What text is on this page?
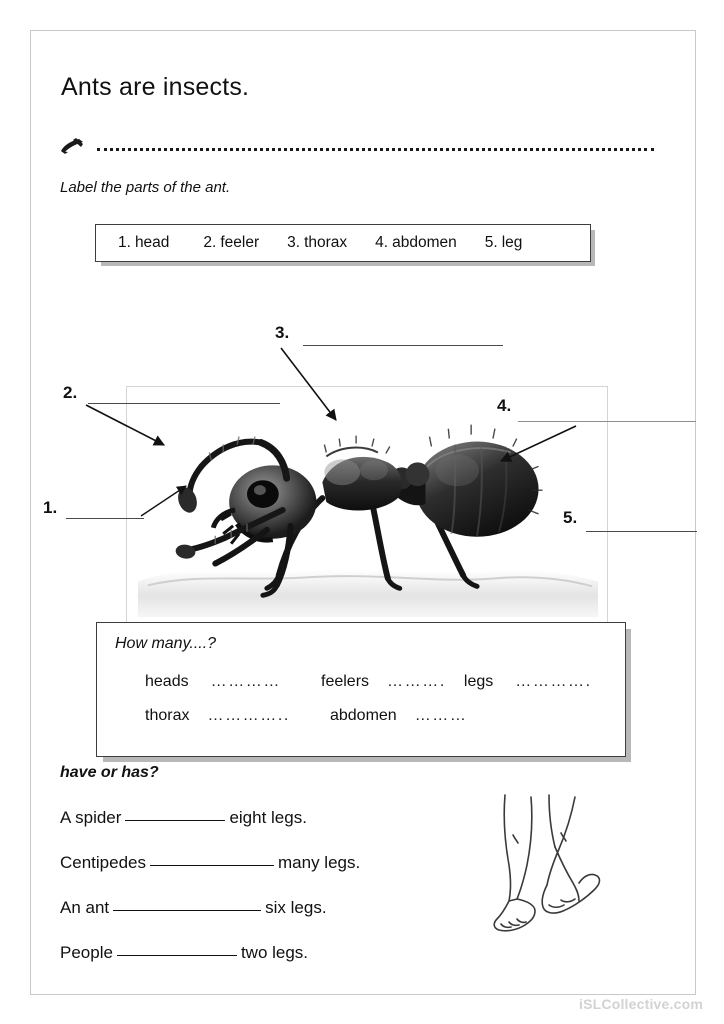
Ants are insects.
Label the parts of the ant.
1. head 2. feeler 3. thorax 4. abdomen 5. leg
3.
2.
1.
4.
5.
How many....?
heads …………	feelers ………. legs ………….
thorax …………..	abdomen ………
have or has?
A spider	eight legs.
Centipedes	many legs.
An ant	six legs.
People	two legs.
iSLCollective.com
